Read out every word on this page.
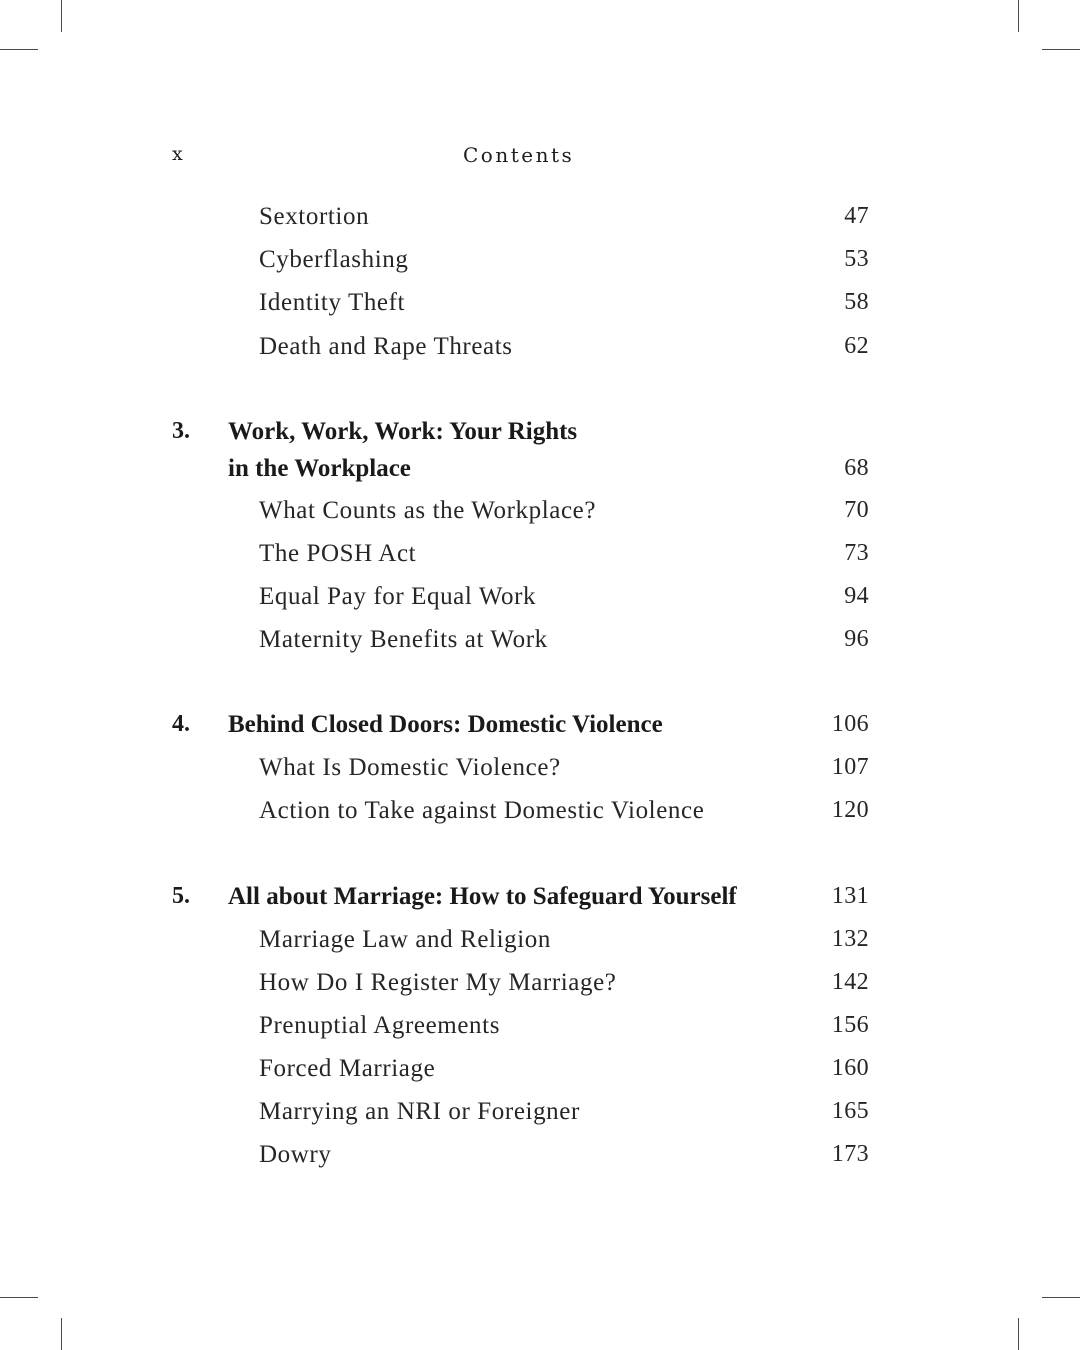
x	Contents
Sextortion	47
Cyberflashing	53
Identity Theft	58
Death and Rape Threats	62
3. Work, Work, Work: Your Rights
in the Workplace	68
What Counts as the Workplace?	70
The POSH Act	73
Equal Pay for Equal Work	94
Maternity Benefits at Work	96
4. Behind Closed Doors: Domestic Violence	106
What Is Domestic Violence?	107
Action to Take against Domestic Violence	120
5. All about Marriage: How to Safeguard Yourself	131
Marriage Law and Religion	132
How Do I Register My Marriage?	142
Prenuptial Agreements	156
Forced Marriage	160
Marrying an NRI or Foreigner	165
Dowry	173
